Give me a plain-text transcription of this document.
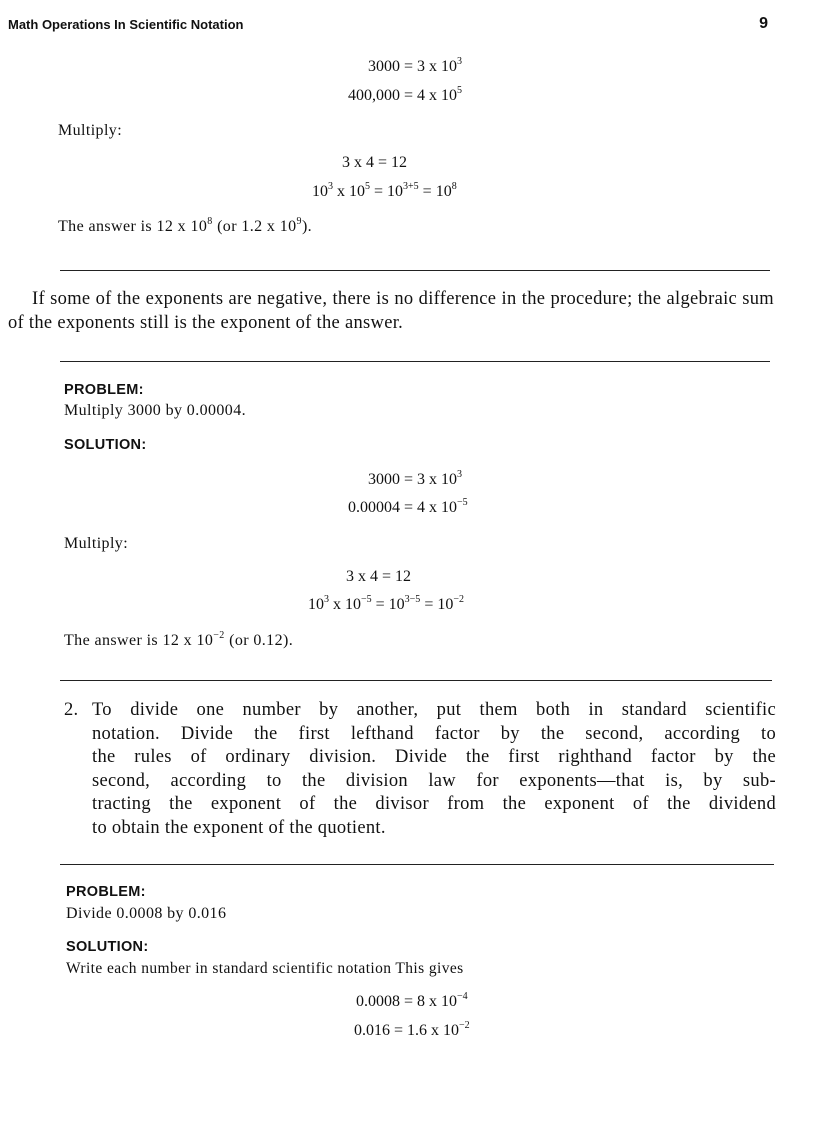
Math Operations In Scientific Notation	9
3000 = 3 x $10^3$
400,000 = 4 x $10^5$
Multiply:
3 x 4 = 12
$10^3$ x $10^5 = 10^{3+5} = 10^8$
The answer is 12 x $10^8$ (or 1.2 x $10^9$).
If some of the exponents are negative, there is no difference in the procedure; the algebraic sum of the exponents still is the exponent of the answer.
PROBLEM:
Multiply 3000 by 0.00004.
SOLUTION:
3000 = 3 x $10^3$
0.00004 = 4 x $10^{-5}$
Multiply:
3 x 4 = 12
$10^3$ x $10^{-5} = 10^{3-5} = 10^{-2}$
The answer is 12 x $10^{-2}$ (or 0.12).
2. To divide one number by another, put them both in standard scientific
notation. Divide the first lefthand factor by the second, according to
the rules of ordinary division. Divide the first righthand factor by the
second, according to the division law for exponents—that is, by sub-
tracting the exponent of the divisor from the exponent of the dividend
to obtain the exponent of the quotient.
PROBLEM:
Divide 0.0008 by 0.016
SOLUTION:
Write each number in standard scientific notation This gives
0.0008 = 8 x $10^{-4}$
0.016 = 1.6 x $10^{-2}$
